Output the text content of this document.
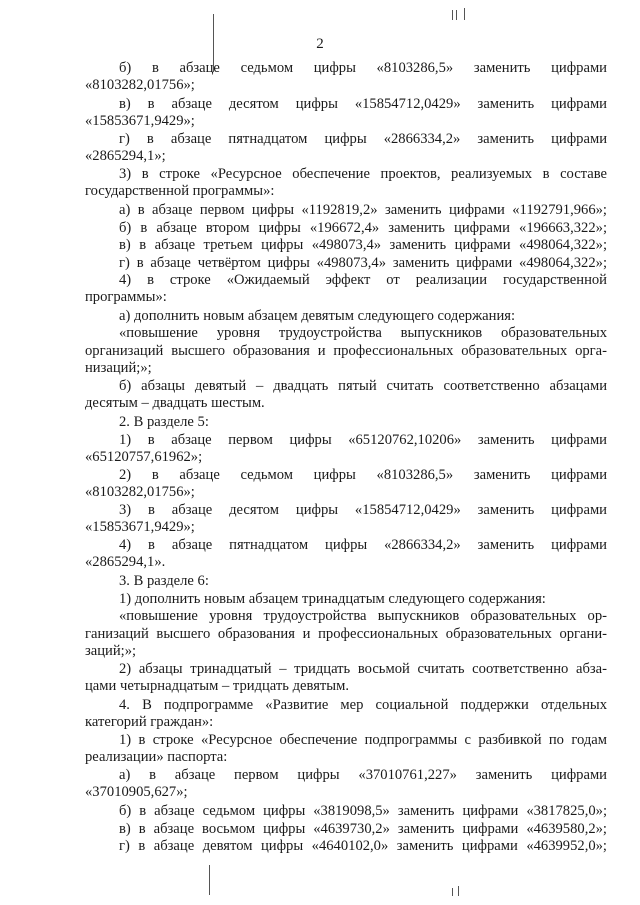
2
б) в абзаце седьмом цифры «8103286,5» заменить цифрами
«8103282,01756»;
в) в абзаце десятом цифры «15854712,0429» заменить цифрами
«15853671,9429»;
г) в абзаце пятнадцатом цифры «2866334,2» заменить цифрами
«2865294,1»;
3) в строке «Ресурсное обеспечение проектов, реализуемых в составе
государственной программы»:
а) в абзаце первом цифры «1192819,2» заменить цифрами «1192791,966»;
б) в абзаце втором цифры «196672,4» заменить цифрами «196663,322»;
в) в абзаце третьем цифры «498073,4» заменить цифрами «498064,322»;
г) в абзаце четвёртом цифры «498073,4» заменить цифрами «498064,322»;
4) в строке «Ожидаемый эффект от реализации государственной
программы»:
а) дополнить новым абзацем девятым следующего содержания:
«повышение уровня трудоустройства выпускников образовательных
организаций высшего образования и профессиональных образовательных орга-
низаций;»;
б) абзацы девятый – двадцать пятый считать соответственно абзацами
десятым – двадцать шестым.
2. В разделе 5:
1) в абзаце первом цифры «65120762,10206» заменить цифрами
«65120757,61962»;
2) в абзаце седьмом цифры «8103286,5» заменить цифрами
«8103282,01756»;
3) в абзаце десятом цифры «15854712,0429» заменить цифрами
«15853671,9429»;
4) в абзаце пятнадцатом цифры «2866334,2» заменить цифрами
«2865294,1».
3. В разделе 6:
1) дополнить новым абзацем тринадцатым следующего содержания:
«повышение уровня трудоустройства выпускников образовательных ор-
ганизаций высшего образования и профессиональных образовательных органи-
заций;»;
2) абзацы тринадцатый – тридцать восьмой считать соответственно абза-
цами четырнадцатым – тридцать девятым.
4. В подпрограмме «Развитие мер социальной поддержки отдельных
категорий граждан»:
1) в строке «Ресурсное обеспечение подпрограммы с разбивкой по годам
реализации» паспорта:
а) в абзаце первом цифры «37010761,227» заменить цифрами
«37010905,627»;
б) в абзаце седьмом цифры «3819098,5» заменить цифрами «3817825,0»;
в) в абзаце восьмом цифры «4639730,2» заменить цифрами «4639580,2»;
г) в абзаце девятом цифры «4640102,0» заменить цифрами «4639952,0»;
